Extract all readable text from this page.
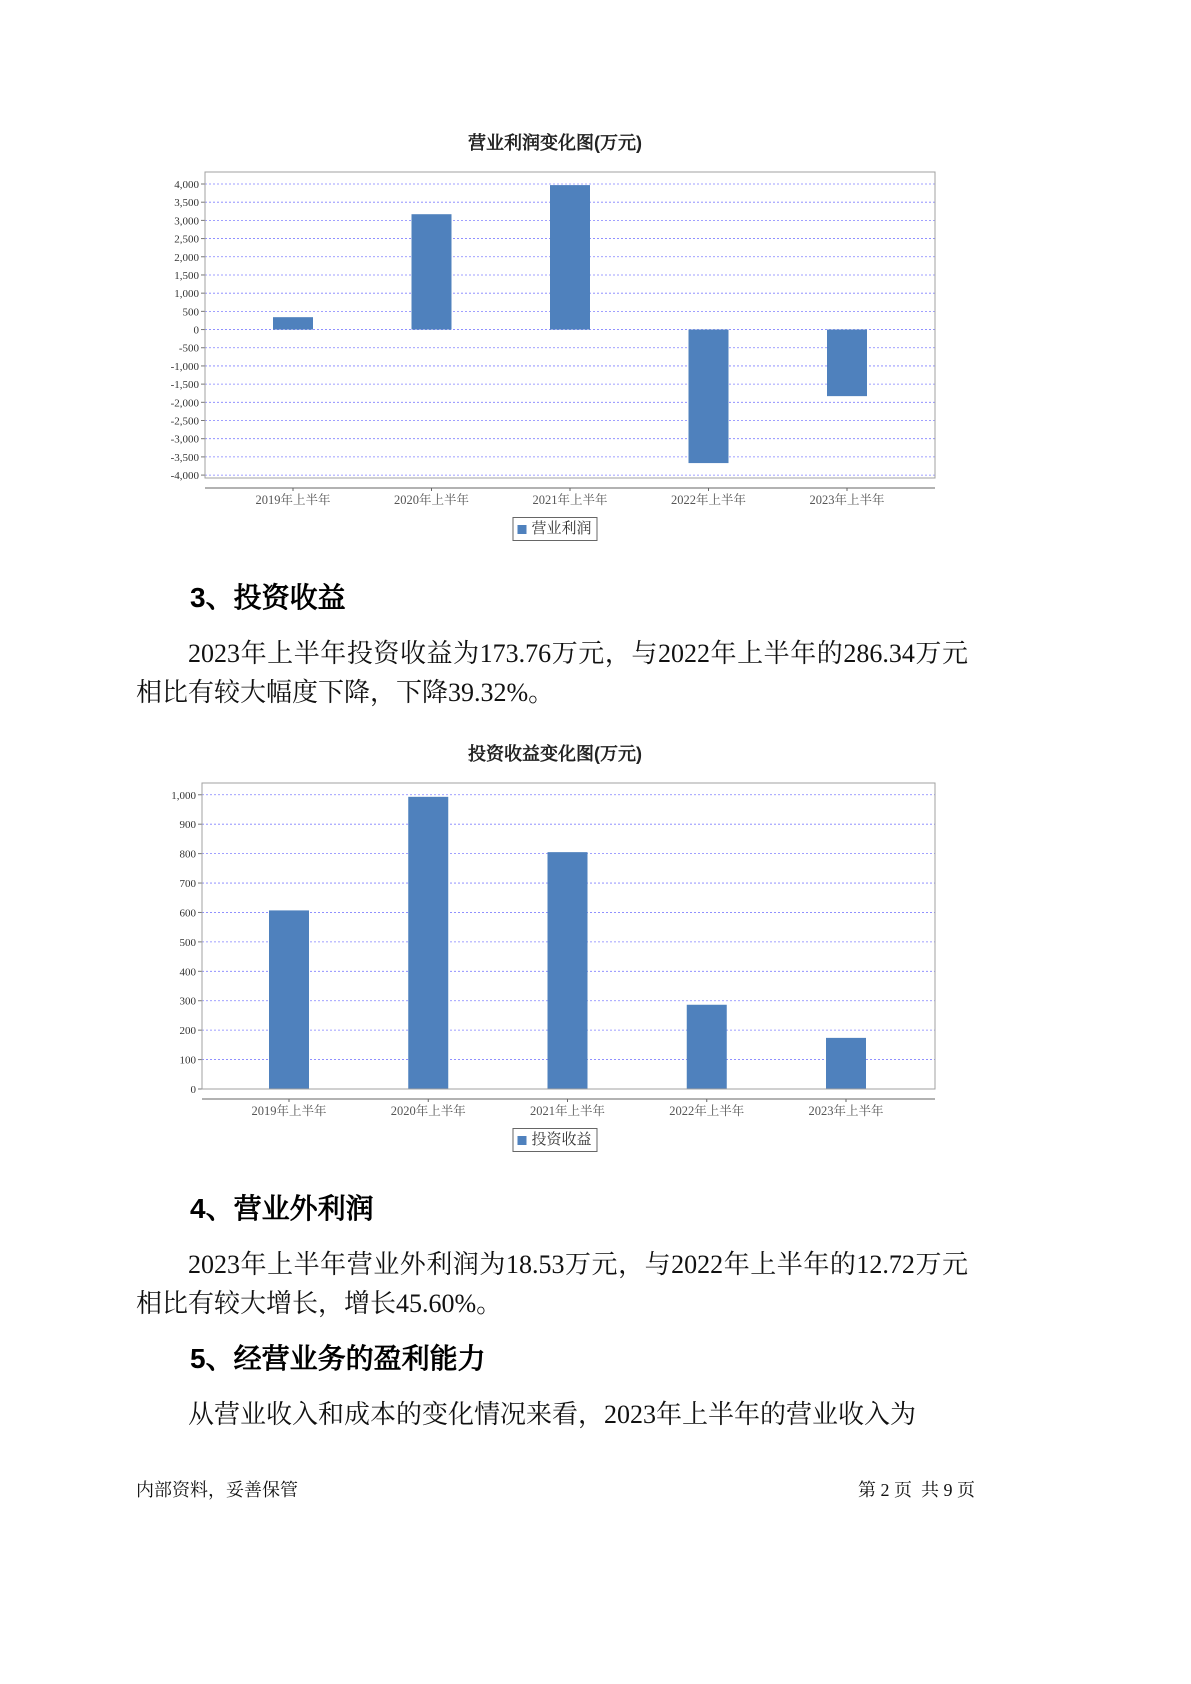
4,000
3,500
3,000
2,500
2,000
1,500
1,000
500
0
-500
-1,000
-1,500
-2,000
-2,500
-3,000
-3,500
-4,000
2019年上半年	2020年上半年	2021年上半年	2022年上半年	2023年上半年
营业利润变化图(万元)
营业利润
3、投资收益
2023年上半年投资收益为173.76万元，与2022年上半年的286.34万元相比有较大幅度下降，下降39.32%。
1,000
900
800
700
600
500
400
300
200
100
0
2019年上半年	2020年上半年	2021年上半年	2022年上半年	2023年上半年
投资收益变化图(万元)
投资收益
4、营业外利润
2023年上半年营业外利润为18.53万元，与2022年上半年的12.72万元相比有较大增长，增长45.60%。
5、经营业务的盈利能力
从营业收入和成本的变化情况来看，2023年上半年的营业收入为
内部资料，妥善保管	第 2 页  共 9 页
